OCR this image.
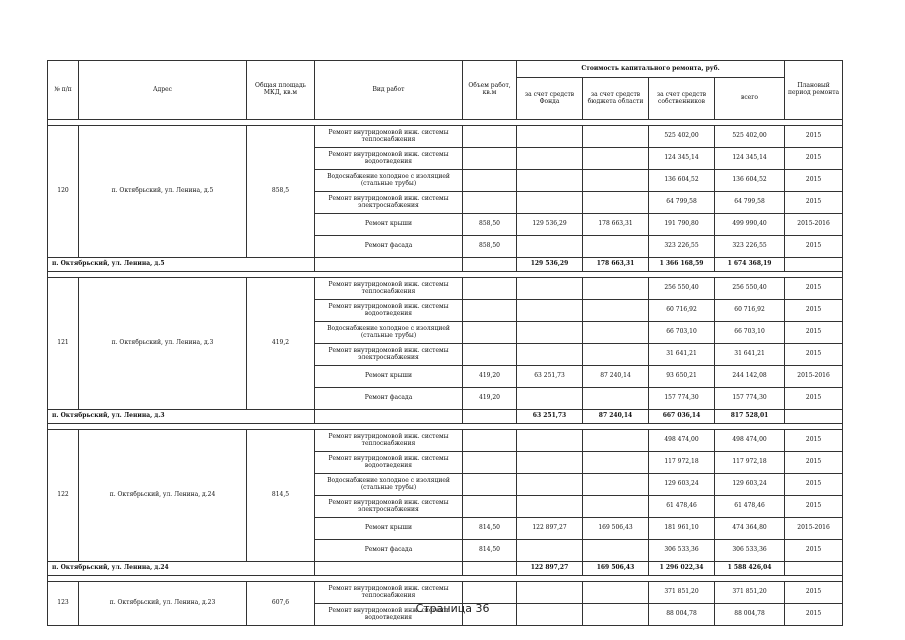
№ п/п	Адрес	Общая площадь МКД, кв.м	Вид работ	Объем работ, кв.м	Стоимость капитального ремонта, руб.				Плановый период ремонта
					за счет средств Фонда	за счет средств бюджета области	за счет средств собственников	всего	

120	п. Октябрьский, ул. Ленина, д.5	858,5	Ремонт внутридомовой инж. системы теплоснабжения				525 402,00	525 402,00	2015
			Ремонт внутридомовой инж. системы водоотведения				124 345,14	124 345,14	2015
			Водоснабжение холодное с изоляцией (стальные трубы)				136 604,52	136 604,52	2015
			Ремонт внутридомовой инж. системы электроснабжения				64 799,58	64 799,58	2015
			Ремонт крыши	858,50	129 536,29	178 663,31	191 790,80	499 990,40	2015-2016
			Ремонт фасада	858,50			323 226,55	323 226,55	2015
п. Октябрьский, ул. Ленина, д.5					129 536,29	178 663,31	1 366 168,59	1 674 368,19	

121	п. Октябрьский, ул. Ленина, д.3	419,2	Ремонт внутридомовой инж. системы теплоснабжения				256 550,40	256 550,40	2015
			Ремонт внутридомовой инж. системы водоотведения				60 716,92	60 716,92	2015
			Водоснабжение холодное с изоляцией (стальные трубы)				66 703,10	66 703,10	2015
			Ремонт внутридомовой инж. системы электроснабжения				31 641,21	31 641,21	2015
			Ремонт крыши	419,20	63 251,73	87 240,14	93 650,21	244 142,08	2015-2016
			Ремонт фасада	419,20			157 774,30	157 774,30	2015
п. Октябрьский, ул. Ленина, д.3					63 251,73	87 240,14	667 036,14	817 528,01	

122	п. Октябрьский, ул. Ленина, д.24	814,5	Ремонт внутридомовой инж. системы теплоснабжения				498 474,00	498 474,00	2015
			Ремонт внутридомовой инж. системы водоотведения				117 972,18	117 972,18	2015
			Водоснабжение холодное с изоляцией (стальные трубы)				129 603,24	129 603,24	2015
			Ремонт внутридомовой инж. системы электроснабжения				61 478,46	61 478,46	2015
			Ремонт крыши	814,50	122 897,27	169 506,43	181 961,10	474 364,80	2015-2016
			Ремонт фасада	814,50			306 533,36	306 533,36	2015
п. Октябрьский, ул. Ленина, д.24					122 897,27	169 506,43	1 296 022,34	1 588 426,04	

123	п. Октябрьский, ул. Ленина, д.23	607,6	Ремонт внутридомовой инж. системы теплоснабжения				371 851,20	371 851,20	2015
			Ремонт внутридомовой инж. системы водоотведения				88 004,78	88 004,78	2015
Страница 36
